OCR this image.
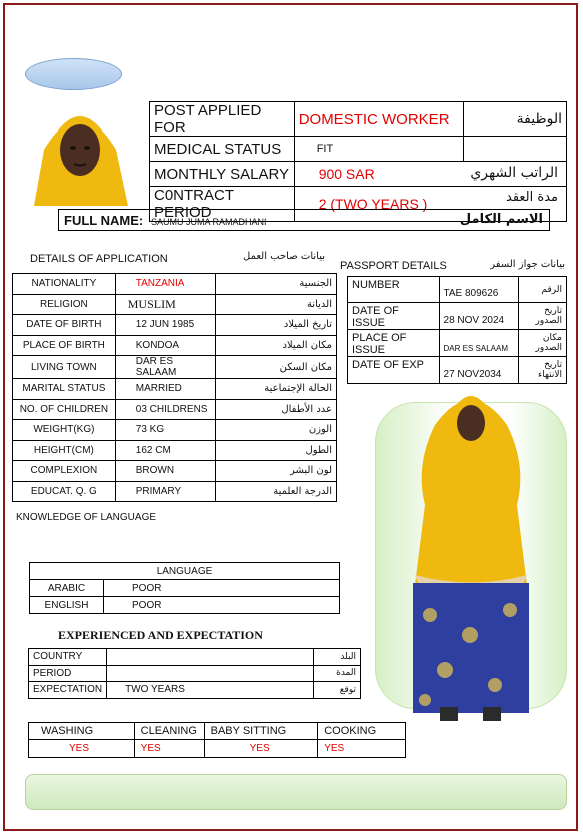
POST APPLIED FOR	DOMESTIC WORKER	الوظيفة
MEDICAL STATUS	FIT	
MONTHLY SALARY	900 SAR الراتب الشهري	

C0NTRACT PERIOD	2 (TWO YEARS ) مدة العقد	
FULL NAME: SAUMU JUMA RAMADHANI	الاسم الكامل
DETAILS OF APPLICATION	بيانات صاحب العمل
NATIONALITY	TANZANIA	الجنسية
RELIGION	MUSLIM	الديانة
DATE OF BIRTH	12 JUN 1985	تاريخ الميلاد
PLACE OF BIRTH	KONDOA	مكان الميلاد
LIVING TOWN	DAR ES SALAAM	مكان السكن
MARITAL STATUS	MARRIED	الحالة الإجتماعية
NO. OF CHILDREN	03 CHILDRENS	عدد الأطفال
WEIGHT(KG)	73 KG	الوزن
HEIGHT(CM)	162 CM	الطول
COMPLEXION	BROWN	لون البشر
EDUCAT. Q. G	PRIMARY	الدرجة العلمية
PASSPORT DETAILS	بيانات جواز السفر
NUMBER	TAE 809626	الرقم
DATE OF ISSUE	28 NOV 2024	تاريخ الصدور
PLACE OF ISSUE	DAR ES SALAAM	مكان الصدور
DATE OF EXP	27 NOV2034	تاريخ الانتهاء
KNOWLEDGE OF LANGUAGE
LANGUAGE	
ARABIC	POOR
ENGLISH	POOR
EXPERIENCED AND EXPECTATION
COUNTRY		البلد
PERIOD		المدة
EXPECTATION	TWO YEARS	توقع
WASHING	CLEANING	BABY SITTING	COOKING
YES	YES	YES	YES
